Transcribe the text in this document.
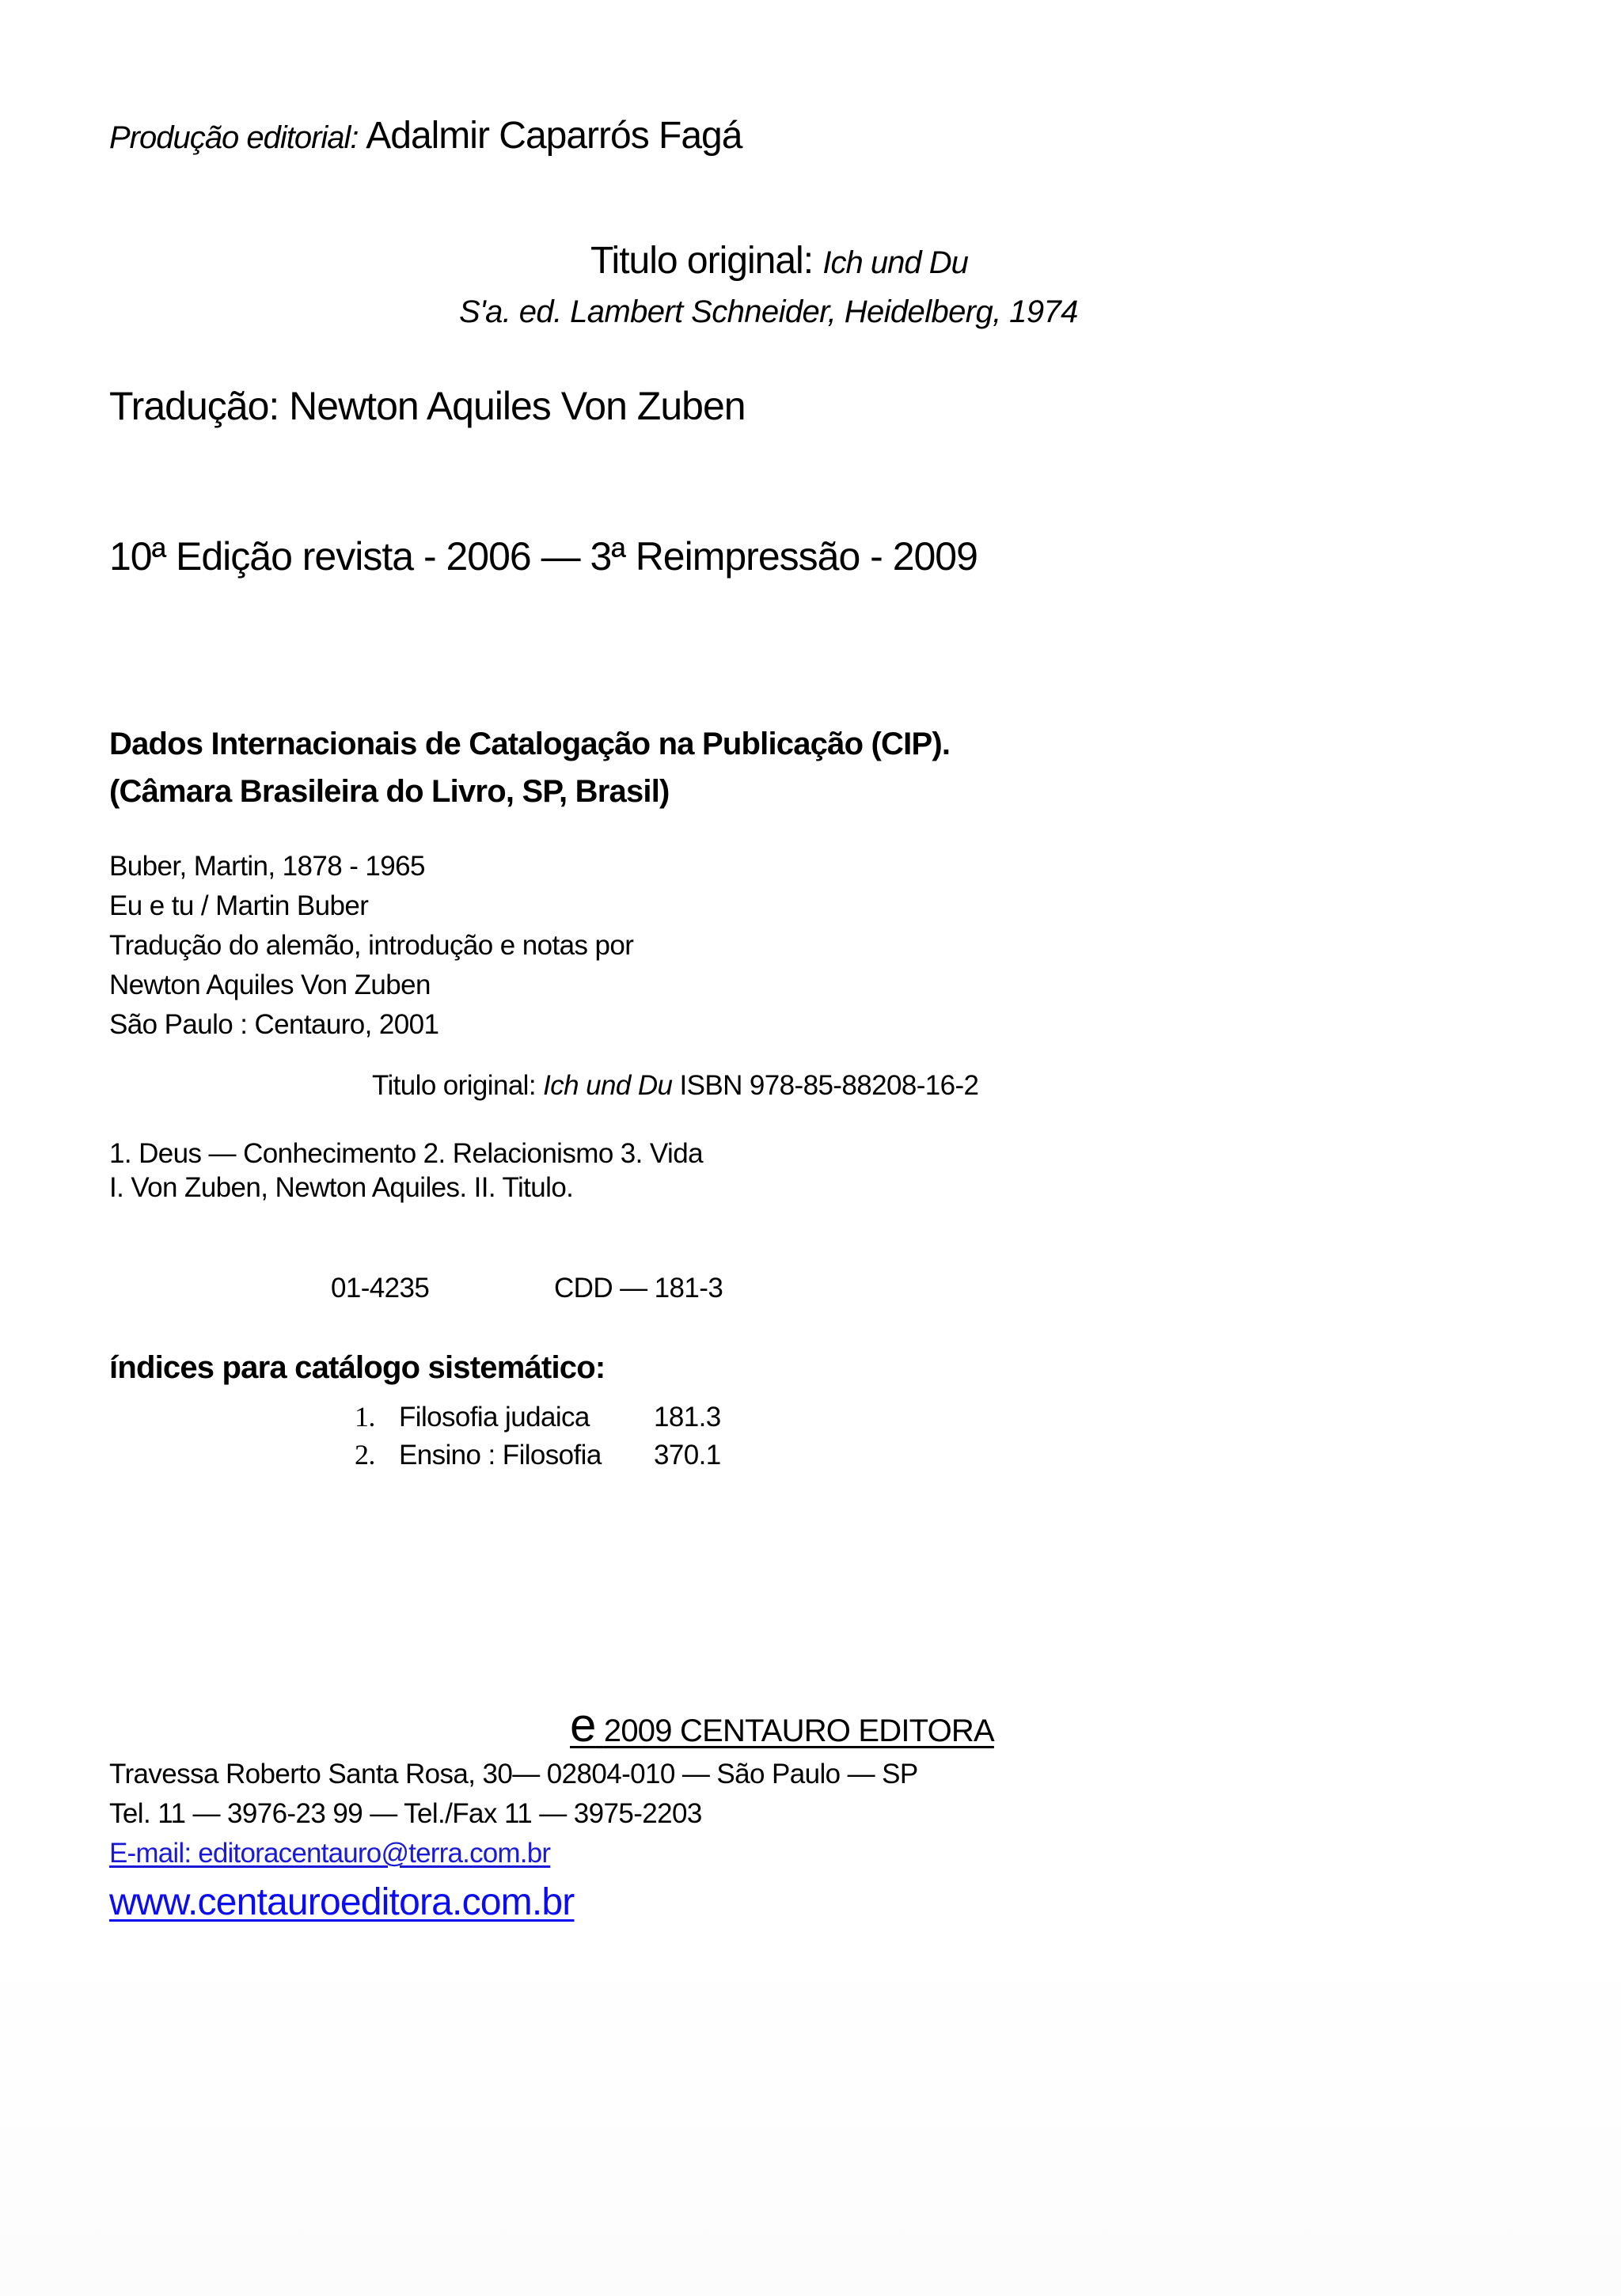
Produção editorial: Adalmir Caparrós Fagá
Titulo original: Ich und Du
S'a. ed. Lambert Schneider, Heidelberg, 1974
Tradução: Newton Aquiles Von Zuben
10ª Edição revista - 2006 — 3ª Reimpressão - 2009
Dados Internacionais de Catalogação na Publicação (CIP).
(Câmara Brasileira do Livro, SP, Brasil)
Buber, Martin, 1878 - 1965
Eu e tu / Martin Buber
Tradução do alemão, introdução e notas por
Newton Aquiles Von Zuben
São Paulo : Centauro, 2001
Titulo original: Ich und Du ISBN 978-85-88208-16-2
1. Deus — Conhecimento 2. Relacionismo 3. Vida
I. Von Zuben, Newton Aquiles. II. Titulo.
01-4235	CDD — 181-3
índices para catálogo sistemático:
1. Filosofia judaica 181.3
2. Ensino : Filosofia 370.1
e 2009 CENTAURO EDITORA
Travessa Roberto Santa Rosa, 30— 02804-010 — São Paulo — SP
Tel. 11 — 3976-23 99 — Tel./Fax 11 — 3975-2203
E-mail: editoracentauro@terra.com.br
www.centauroeditora.com.br
